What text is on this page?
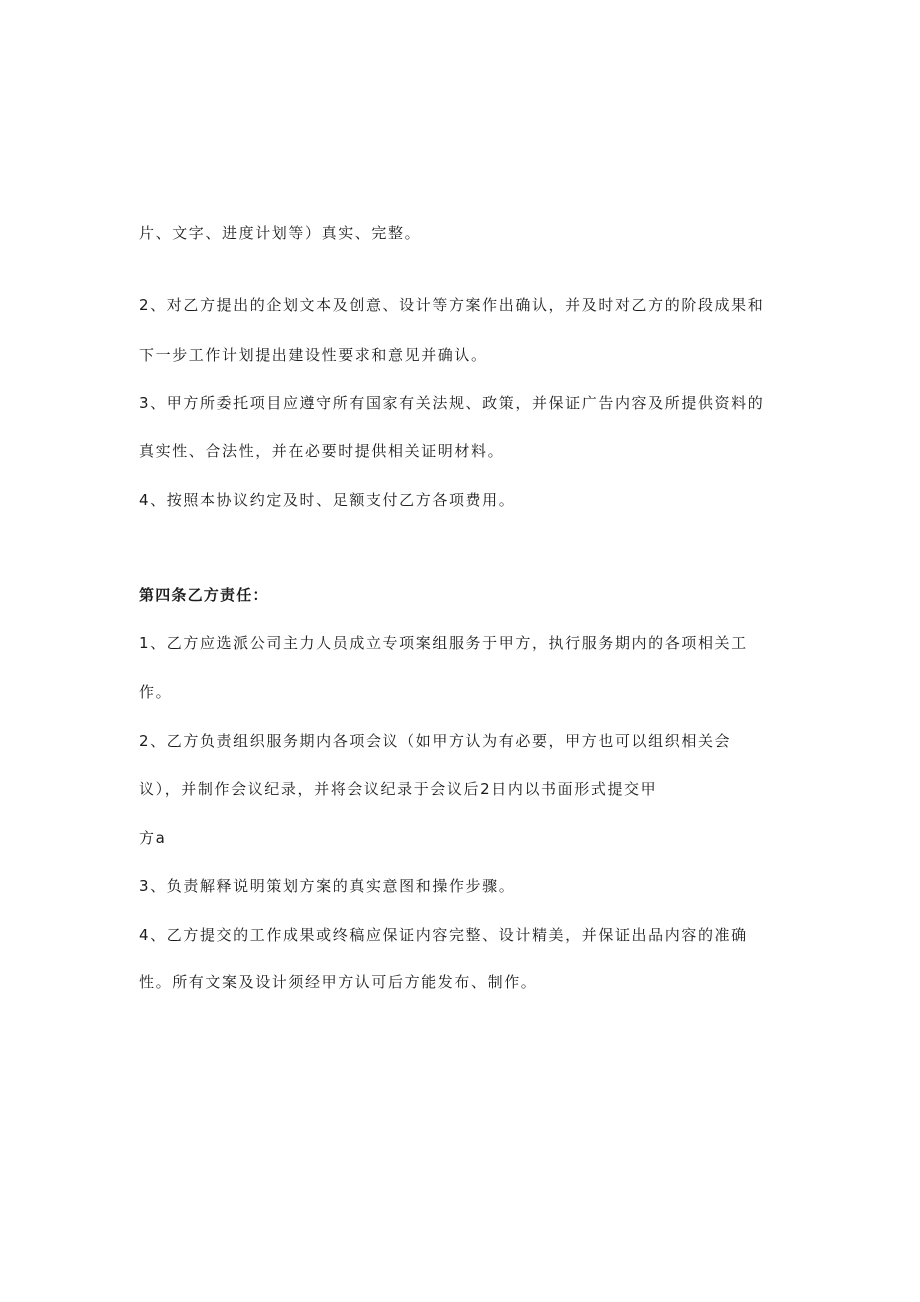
片、文字、进度计划等）真实、完整。

2、对乙方提出的企划文本及创意、设计等方案作出确认，并及时对乙方的阶段成果和

下一步工作计划提出建设性要求和意见并确认。

3、甲方所委托项目应遵守所有国家有关法规、政策，并保证广告内容及所提供资料的

真实性、合法性，并在必要时提供相关证明材料。

4、按照本协议约定及时、足额支付乙方各项费用。

第四条乙方责任：

1、乙方应选派公司主力人员成立专项案组服务于甲方，执行服务期内的各项相关工

作。

2、乙方负责组织服务期内各项会议（如甲方认为有必要，甲方也可以组织相关会

议），并制作会议纪录，并将会议纪录于会议后2日内以书面形式提交甲

方a

3、负责解释说明策划方案的真实意图和操作步骤。

4、乙方提交的工作成果或终稿应保证内容完整、设计精美，并保证出品内容的准确

性。所有文案及设计须经甲方认可后方能发布、制作。
